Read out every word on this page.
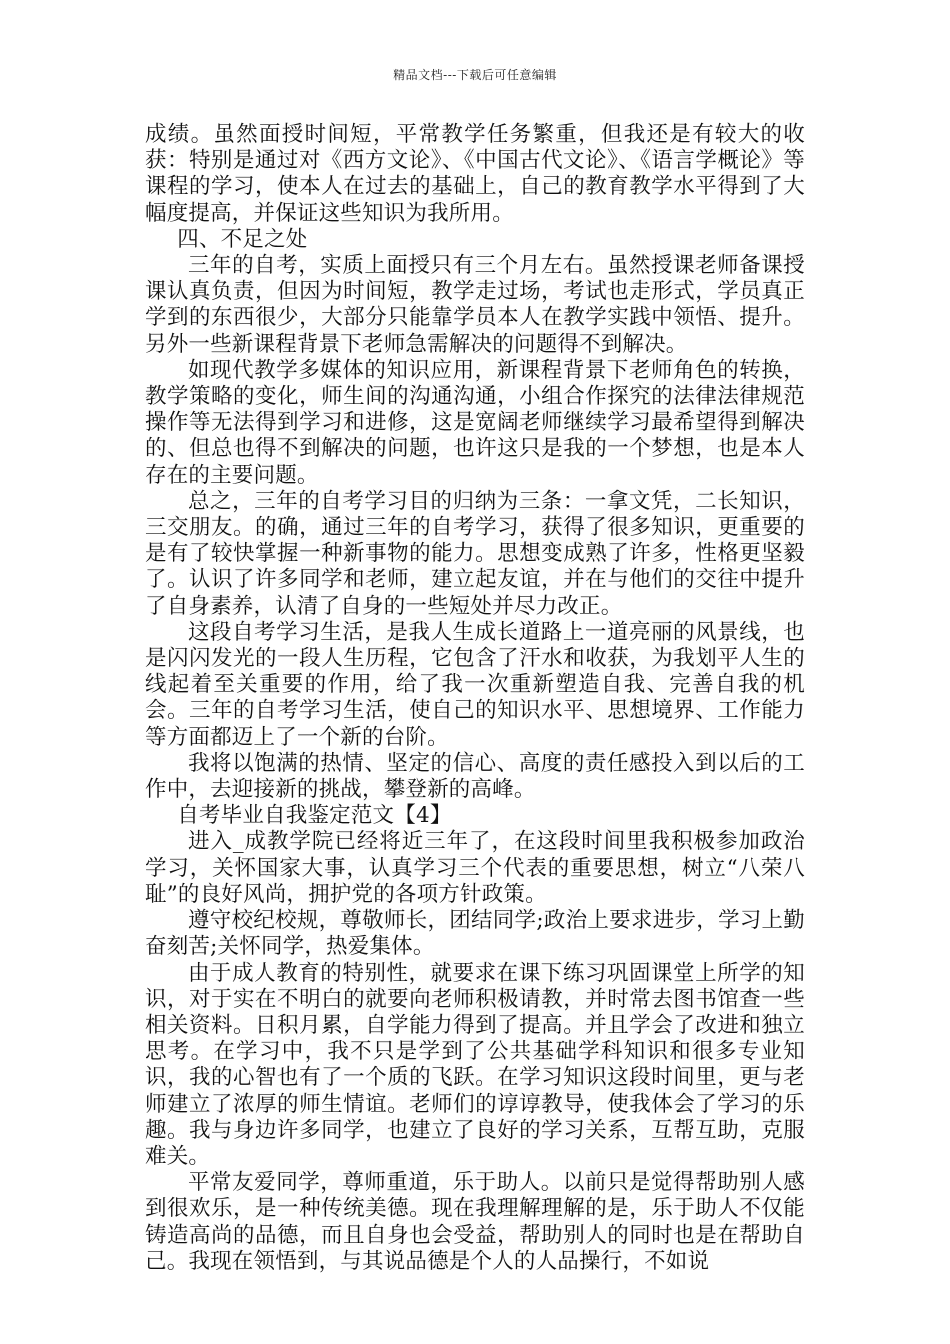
精品文档---下载后可任意编辑

成绩。虽然面授时间短，平常教学任务繁重，但我还是有较大的收获：特别是通过对《西方文论》、《中国古代文论》、《语言学概论》等课程的学习，使本人在过去的基础上，自己的教育教学水平得到了大幅度提高，并保证这些知识为我所用。

四、不足之处

三年的自考，实质上面授只有三个月左右。虽然授课老师备课授课认真负责，但因为时间短，教学走过场，考试也走形式，学员真正学到的东西很少，大部分只能靠学员本人在教学实践中领悟、提升。另外一些新课程背景下老师急需解决的问题得不到解决。

如现代教学多媒体的知识应用，新课程背景下老师角色的转换，教学策略的变化，师生间的沟通沟通，小组合作探究的法律法律规范操作等无法得到学习和进修，这是宽阔老师继续学习最希望得到解决的、但总也得不到解决的问题，也许这只是我的一个梦想，也是本人存在的主要问题。

总之，三年的自考学习目的归纳为三条：一拿文凭，二长知识，三交朋友。的确，通过三年的自考学习，获得了很多知识，更重要的是有了较快掌握一种新事物的能力。思想变成熟了许多，性格更坚毅了。认识了许多同学和老师，建立起友谊，并在与他们的交往中提升了自身素养，认清了自身的一些短处并尽力改正。

这段自考学习生活，是我人生成长道路上一道亮丽的风景线，也是闪闪发光的一段人生历程，它包含了汗水和收获，为我划平人生的线起着至关重要的作用，给了我一次重新塑造自我、完善自我的机会。三年的自考学习生活，使自己的知识水平、思想境界、工作能力等方面都迈上了一个新的台阶。

我将以饱满的热情、坚定的信心、高度的责任感投入到以后的工作中，去迎接新的挑战，攀登新的高峰。

自考毕业自我鉴定范文【4】

进入_成教学院已经将近三年了，在这段时间里我积极参加政治学习，关怀国家大事，认真学习三个代表的重要思想，树立“八荣八耻”的良好风尚，拥护党的各项方针政策。

遵守校纪校规，尊敬师长，团结同学;政治上要求进步，学习上勤奋刻苦;关怀同学，热爱集体。

由于成人教育的特别性，就要求在课下练习巩固课堂上所学的知识，对于实在不明白的就要向老师积极请教，并时常去图书馆查一些相关资料。日积月累，自学能力得到了提高。并且学会了改进和独立思考。在学习中，我不只是学到了公共基础学科知识和很多专业知识，我的心智也有了一个质的飞跃。在学习知识这段时间里，更与老师建立了浓厚的师生情谊。老师们的谆谆教导，使我体会了学习的乐趣。我与身边许多同学，也建立了良好的学习关系，互帮互助，克服难关。

平常友爱同学，尊师重道，乐于助人。以前只是觉得帮助别人感到很欢乐，是一种传统美德。现在我理解理解的是，乐于助人不仅能铸造高尚的品德，而且自身也会受益，帮助别人的同时也是在帮助自己。我现在领悟到，与其说品德是个人的人品操行，不如说
